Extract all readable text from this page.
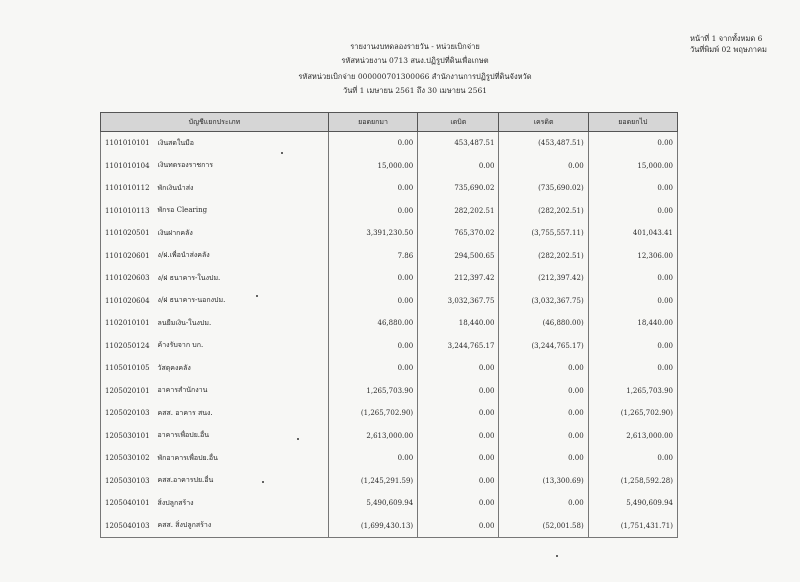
หน้าที่ 1 จากทั้งหมด 6
วันที่พิมพ์ 02 พฤษภาคม
รายงานงบทดลองรายวัน - หน่วยเบิกจ่าย
รหัสหน่วยงาน 0713 สนง.ปฏิรูปที่ดินเพื่อเกษต
รหัสหน่วยเบิกจ่าย 000000701300066 สำนักงานการปฏิรูปที่ดินจังหวัด
วันที่ 1 เมษายน 2561 ถึง 30 เมษายน 2561
บัญชีแยกประเภท		ยอดยกมา	เดบิต	เครดิต	ยอดยกไป
1101010101	เงินสดในมือ	0.00	453,487.51	(453,487.51)	0.00
1101010104	เงินทดรองราชการ	15,000.00	0.00	0.00	15,000.00
1101010112	พักเงินนำส่ง	0.00	735,690.02	(735,690.02)	0.00
1101010113	พักรอ Clearing	0.00	282,202.51	(282,202.51)	0.00
1101020501	เงินฝากคลัง	3,391,230.50	765,370.02	(3,755,557.11)	401,043.41
1101020601	ง/ฝ.เพื่อนำส่งคลัง	7.86	294,500.65	(282,202.51)	12,306.00
1101020603	ง/ฝ ธนาคาร-ในงปม.	0.00	212,397.42	(212,397.42)	0.00
1101020604	ง/ฝ ธนาคาร-นอกงปม.	0.00	3,032,367.75	(3,032,367.75)	0.00
1102010101	ลนยืมเงิน-ในงปม.	46,880.00	18,440.00	(46,880.00)	18,440.00
1102050124	ค้างรับจาก บก.	0.00	3,244,765.17	(3,244,765.17)	0.00
1105010105	วัสดุคงคลัง	0.00	0.00	0.00	0.00
1205020101	อาคารสำนักงาน	1,265,703.90	0.00	0.00	1,265,703.90
1205020103	คสส. อาคาร สนง.	(1,265,702.90)	0.00	0.00	(1,265,702.90)
1205030101	อาคารเพื่อปย.อื่น	2,613,000.00	0.00	0.00	2,613,000.00
1205030102	พักอาคารเพื่อปย.อื่น	0.00	0.00	0.00	0.00
1205030103	คสส.อาคารปย.อื่น	(1,245,291.59)	0.00	(13,300.69)	(1,258,592.28)
1205040101	สิ่งปลูกสร้าง	5,490,609.94	0.00	0.00	5,490,609.94
1205040103	คสส. สิ่งปลูกสร้าง	(1,699,430.13)	0.00	(52,001.58)	(1,751,431.71)
